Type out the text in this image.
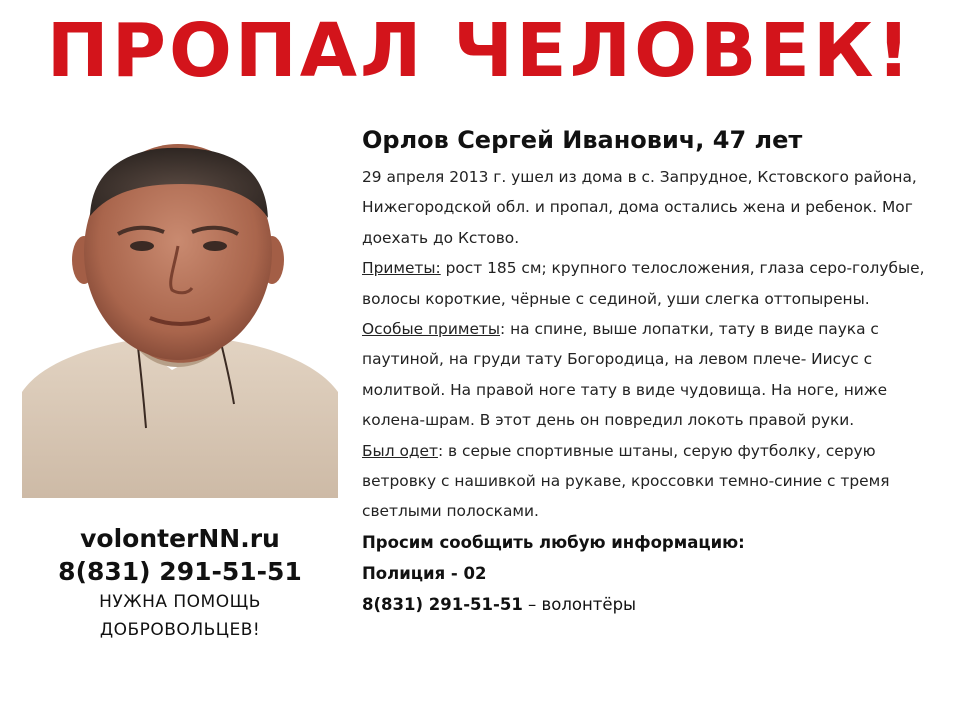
ПРОПАЛ ЧЕЛОВЕК!
volonterNN.ru
8(831) 291-51-51
НУЖНА ПОМОЩЬ
ДОБРОВОЛЬЦЕВ!

Орлов Сергей Иванович, 47 лет

29 апреля 2013 г. ушел из дома в с. Запрудное, Кстовского района, Нижегородской обл. и пропал, дома остались жена и ребенок. Мог доехать до Кстово.

Приметы: рост 185 см; крупного телосложения, глаза серо-голубые, волосы короткие, чёрные с сединой, уши слегка оттопырены.

Особые приметы: на спине, выше лопатки, тату в виде паука с паутиной, на груди тату Богородица, на левом плече- Иисус с молитвой. На правой ноге тату в виде чудовища. На ноге, ниже колена-шрам. В этот день он повредил локоть правой руки.

Был одет: в серые спортивные штаны, серую футболку, серую ветровку с нашивкой на рукаве, кроссовки темно-синие с тремя светлыми полосками.

Просим сообщить любую информацию:

Полиция - 02

8(831) 291-51-51 – волонтёры
